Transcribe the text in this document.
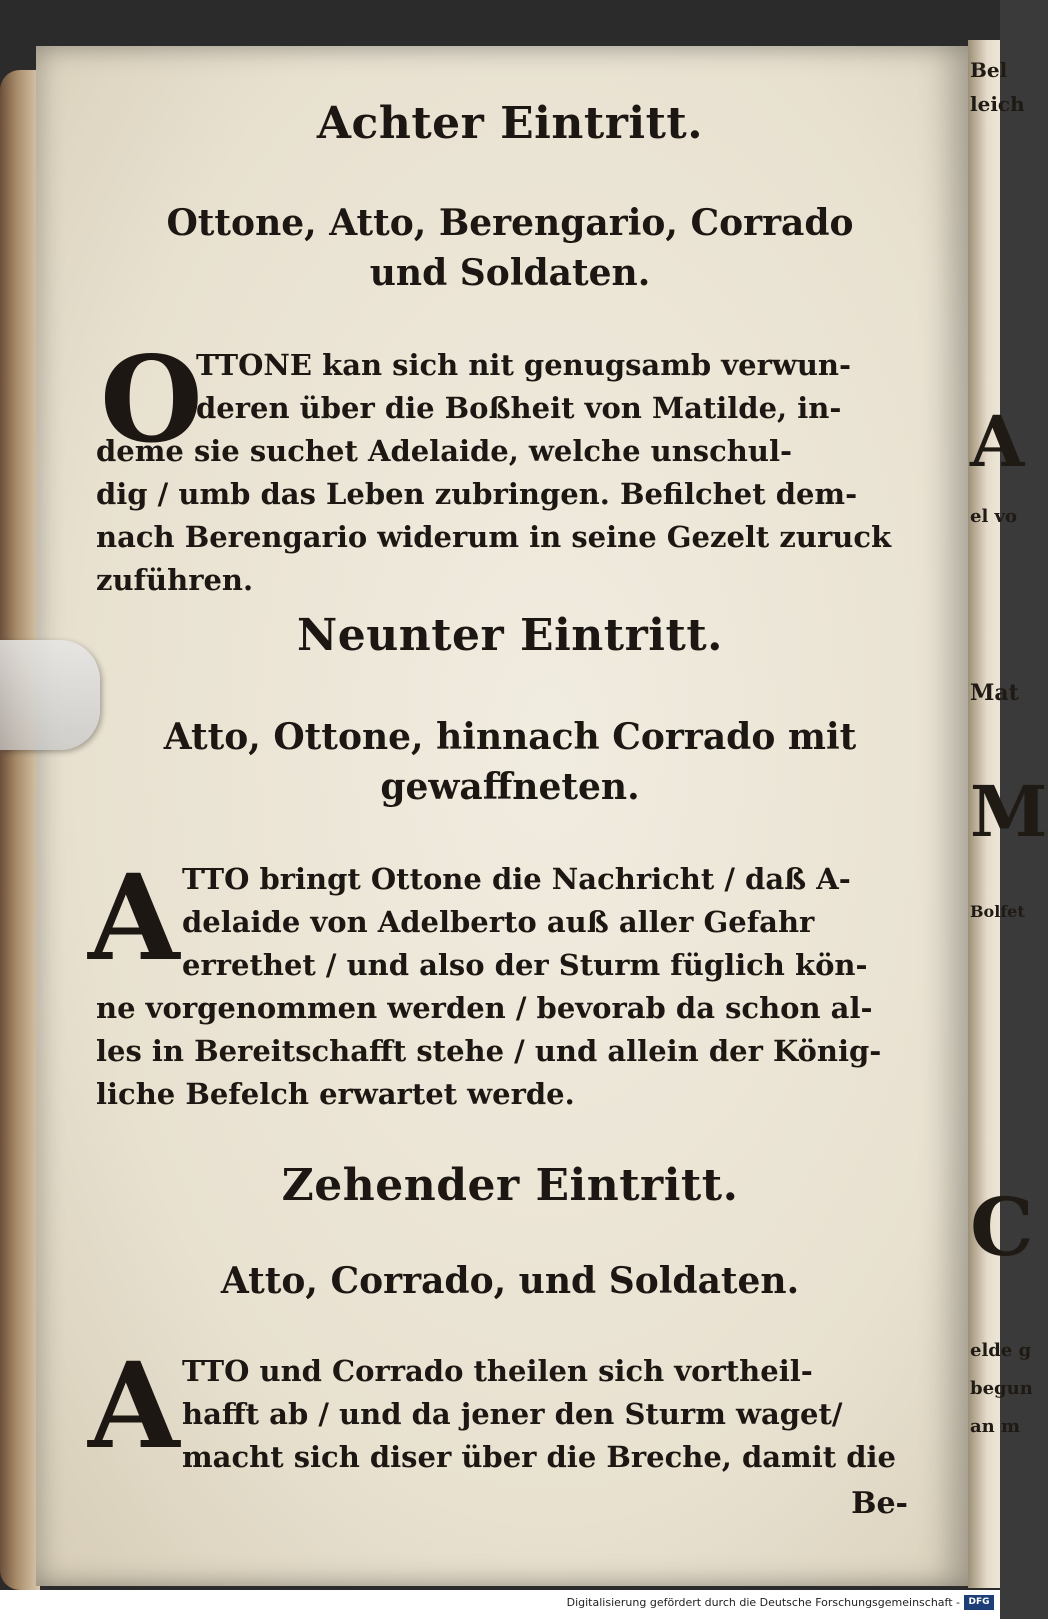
Bel
leich
A
el vo
Mat
M
Bolfet
C
elde g
begun
an m
Achter Eintritt.
Ottone, Atto, Berengario, Corrado
und Soldaten.
O
TTONE kan sich nit genugsamb verwun-
deren über die Boßheit von Matilde, in-
deme sie suchet Adelaide, welche unschul-
dig / umb das Leben zubringen. Befilchet dem-
nach Berengario widerum in seine Gezelt zuruck
zuführen.
Neunter Eintritt.
Atto, Ottone, hinnach Corrado mit
gewaffneten.
A TTO bringt Ottone die Nachricht / daß A-
delaide von Adelberto auß aller Gefahr
errethet / und also der Sturm füglich kön-
ne vorgenommen werden / bevorab da schon al-
les in Bereitschafft stehe / und allein der König-
liche Befelch erwartet werde.
Zehender Eintritt.
Atto, Corrado, und Soldaten.
A TTO und Corrado theilen sich vortheil-
hafft ab / und da jener den Sturm waget/
macht sich diser über die Breche, damit die
Be-
Digitalisierung gefördert durch die Deutsche Forschungsgemeinschaft - DFG
